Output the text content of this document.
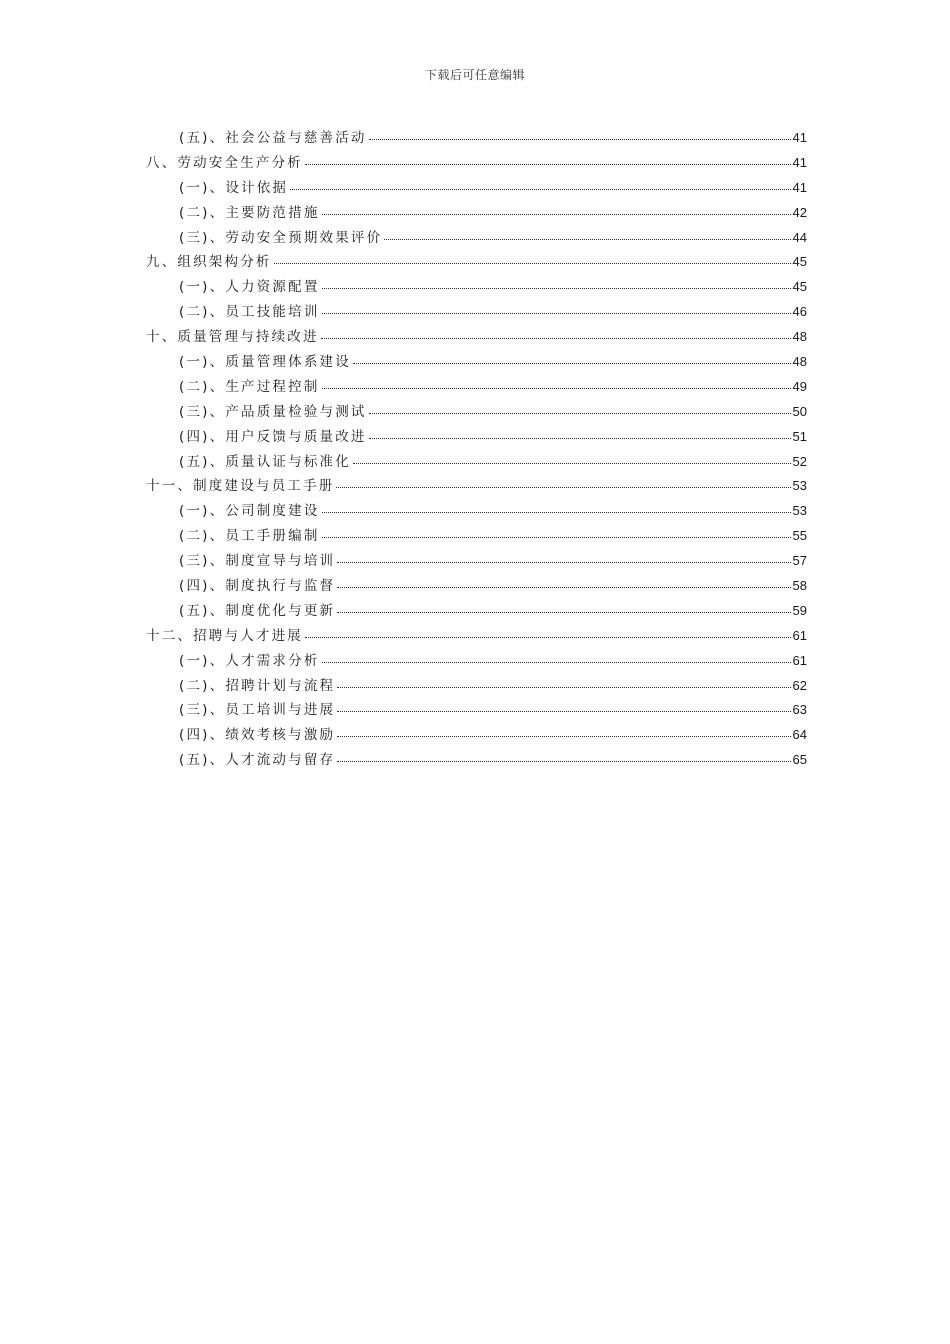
下载后可任意编辑
(五)、社会公益与慈善活动	41
八、劳动安全生产分析	41
(一)、设计依据	41
(二)、主要防范措施	42
(三)、劳动安全预期效果评价	44
九、组织架构分析	45
(一)、人力资源配置	45
(二)、员工技能培训	46
十、质量管理与持续改进	48
(一)、质量管理体系建设	48
(二)、生产过程控制	49
(三)、产品质量检验与测试	50
(四)、用户反馈与质量改进	51
(五)、质量认证与标准化	52
十一、制度建设与员工手册	53
(一)、公司制度建设	53
(二)、员工手册编制	55
(三)、制度宣导与培训	57
(四)、制度执行与监督	58
(五)、制度优化与更新	59
十二、招聘与人才进展	61
(一)、人才需求分析	61
(二)、招聘计划与流程	62
(三)、员工培训与进展	63
(四)、绩效考核与激励	64
(五)、人才流动与留存	65
